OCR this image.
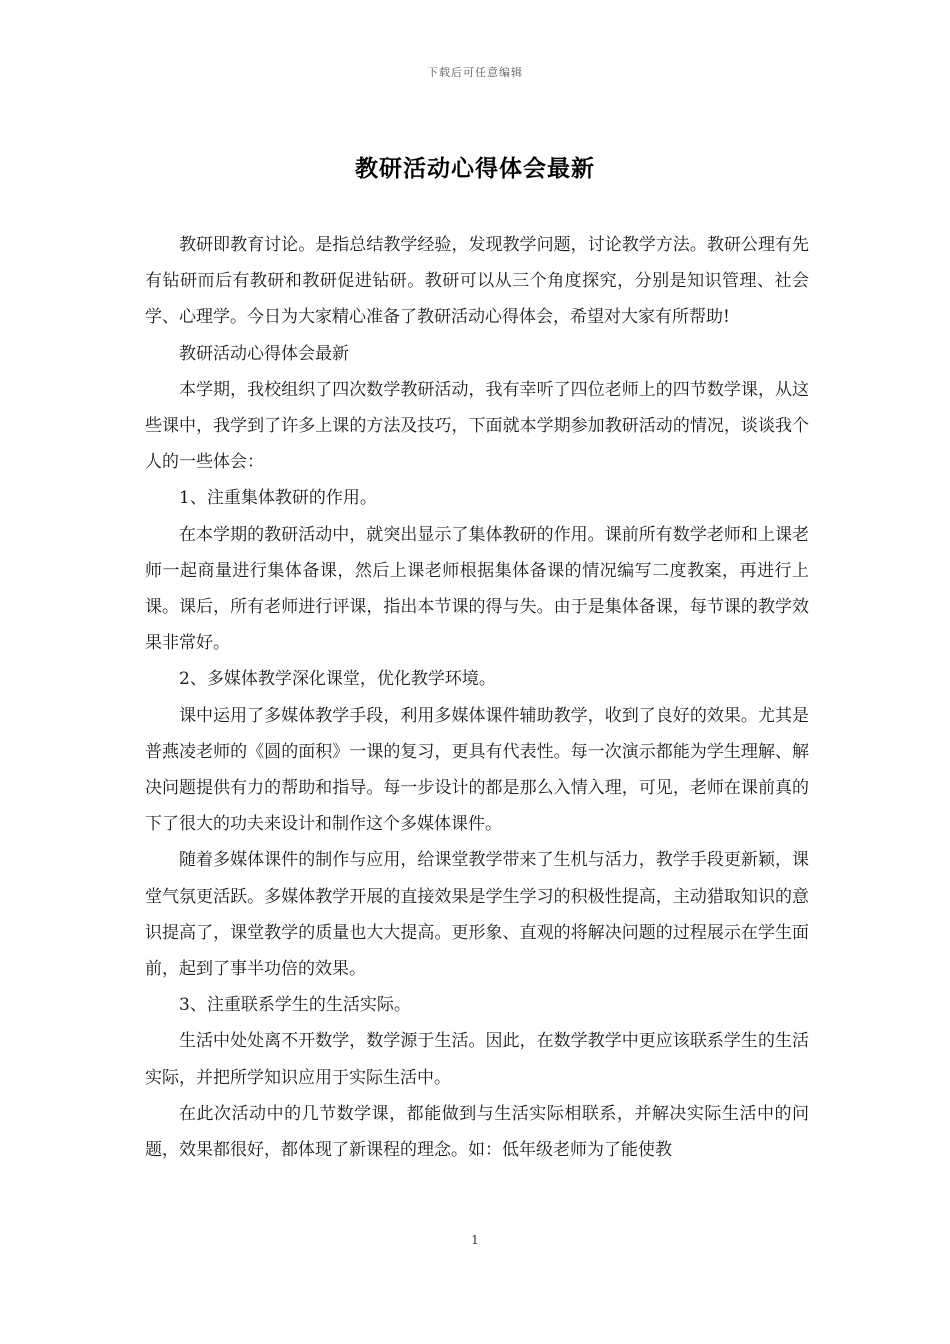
下载后可任意编辑
教研活动心得体会最新

教研即教育讨论。是指总结教学经验，发现教学问题，讨论教学方法。教研公理有先有钻研而后有教研和教研促进钻研。教研可以从三个角度探究，分别是知识管理、社会学、心理学。今日为大家精心准备了教研活动心得体会，希望对大家有所帮助!

教研活动心得体会最新

本学期，我校组织了四次数学教研活动，我有幸听了四位老师上的四节数学课，从这些课中，我学到了许多上课的方法及技巧，下面就本学期参加教研活动的情况，谈谈我个人的一些体会：

1、注重集体教研的作用。

在本学期的教研活动中，就突出显示了集体教研的作用。课前所有数学老师和上课老师一起商量进行集体备课，然后上课老师根据集体备课的情况编写二度教案，再进行上课。课后，所有老师进行评课，指出本节课的得与失。由于是集体备课，每节课的教学效果非常好。

2、多媒体教学深化课堂，优化教学环境。

课中运用了多媒体教学手段，利用多媒体课件辅助教学，收到了良好的效果。尤其是普燕凌老师的《圆的面积》一课的复习，更具有代表性。每一次演示都能为学生理解、解决问题提供有力的帮助和指导。每一步设计的都是那么入情入理，可见，老师在课前真的下了很大的功夫来设计和制作这个多媒体课件。

随着多媒体课件的制作与应用，给课堂教学带来了生机与活力，教学手段更新颖，课堂气氛更活跃。多媒体教学开展的直接效果是学生学习的积极性提高，主动猎取知识的意识提高了，课堂教学的质量也大大提高。更形象、直观的将解决问题的过程展示在学生面前，起到了事半功倍的效果。

3、注重联系学生的生活实际。

生活中处处离不开数学，数学源于生活。因此，在数学教学中更应该联系学生的生活实际，并把所学知识应用于实际生活中。

在此次活动中的几节数学课，都能做到与生活实际相联系，并解决实际生活中的问题，效果都很好，都体现了新课程的理念。如：低年级老师为了能使教

1
